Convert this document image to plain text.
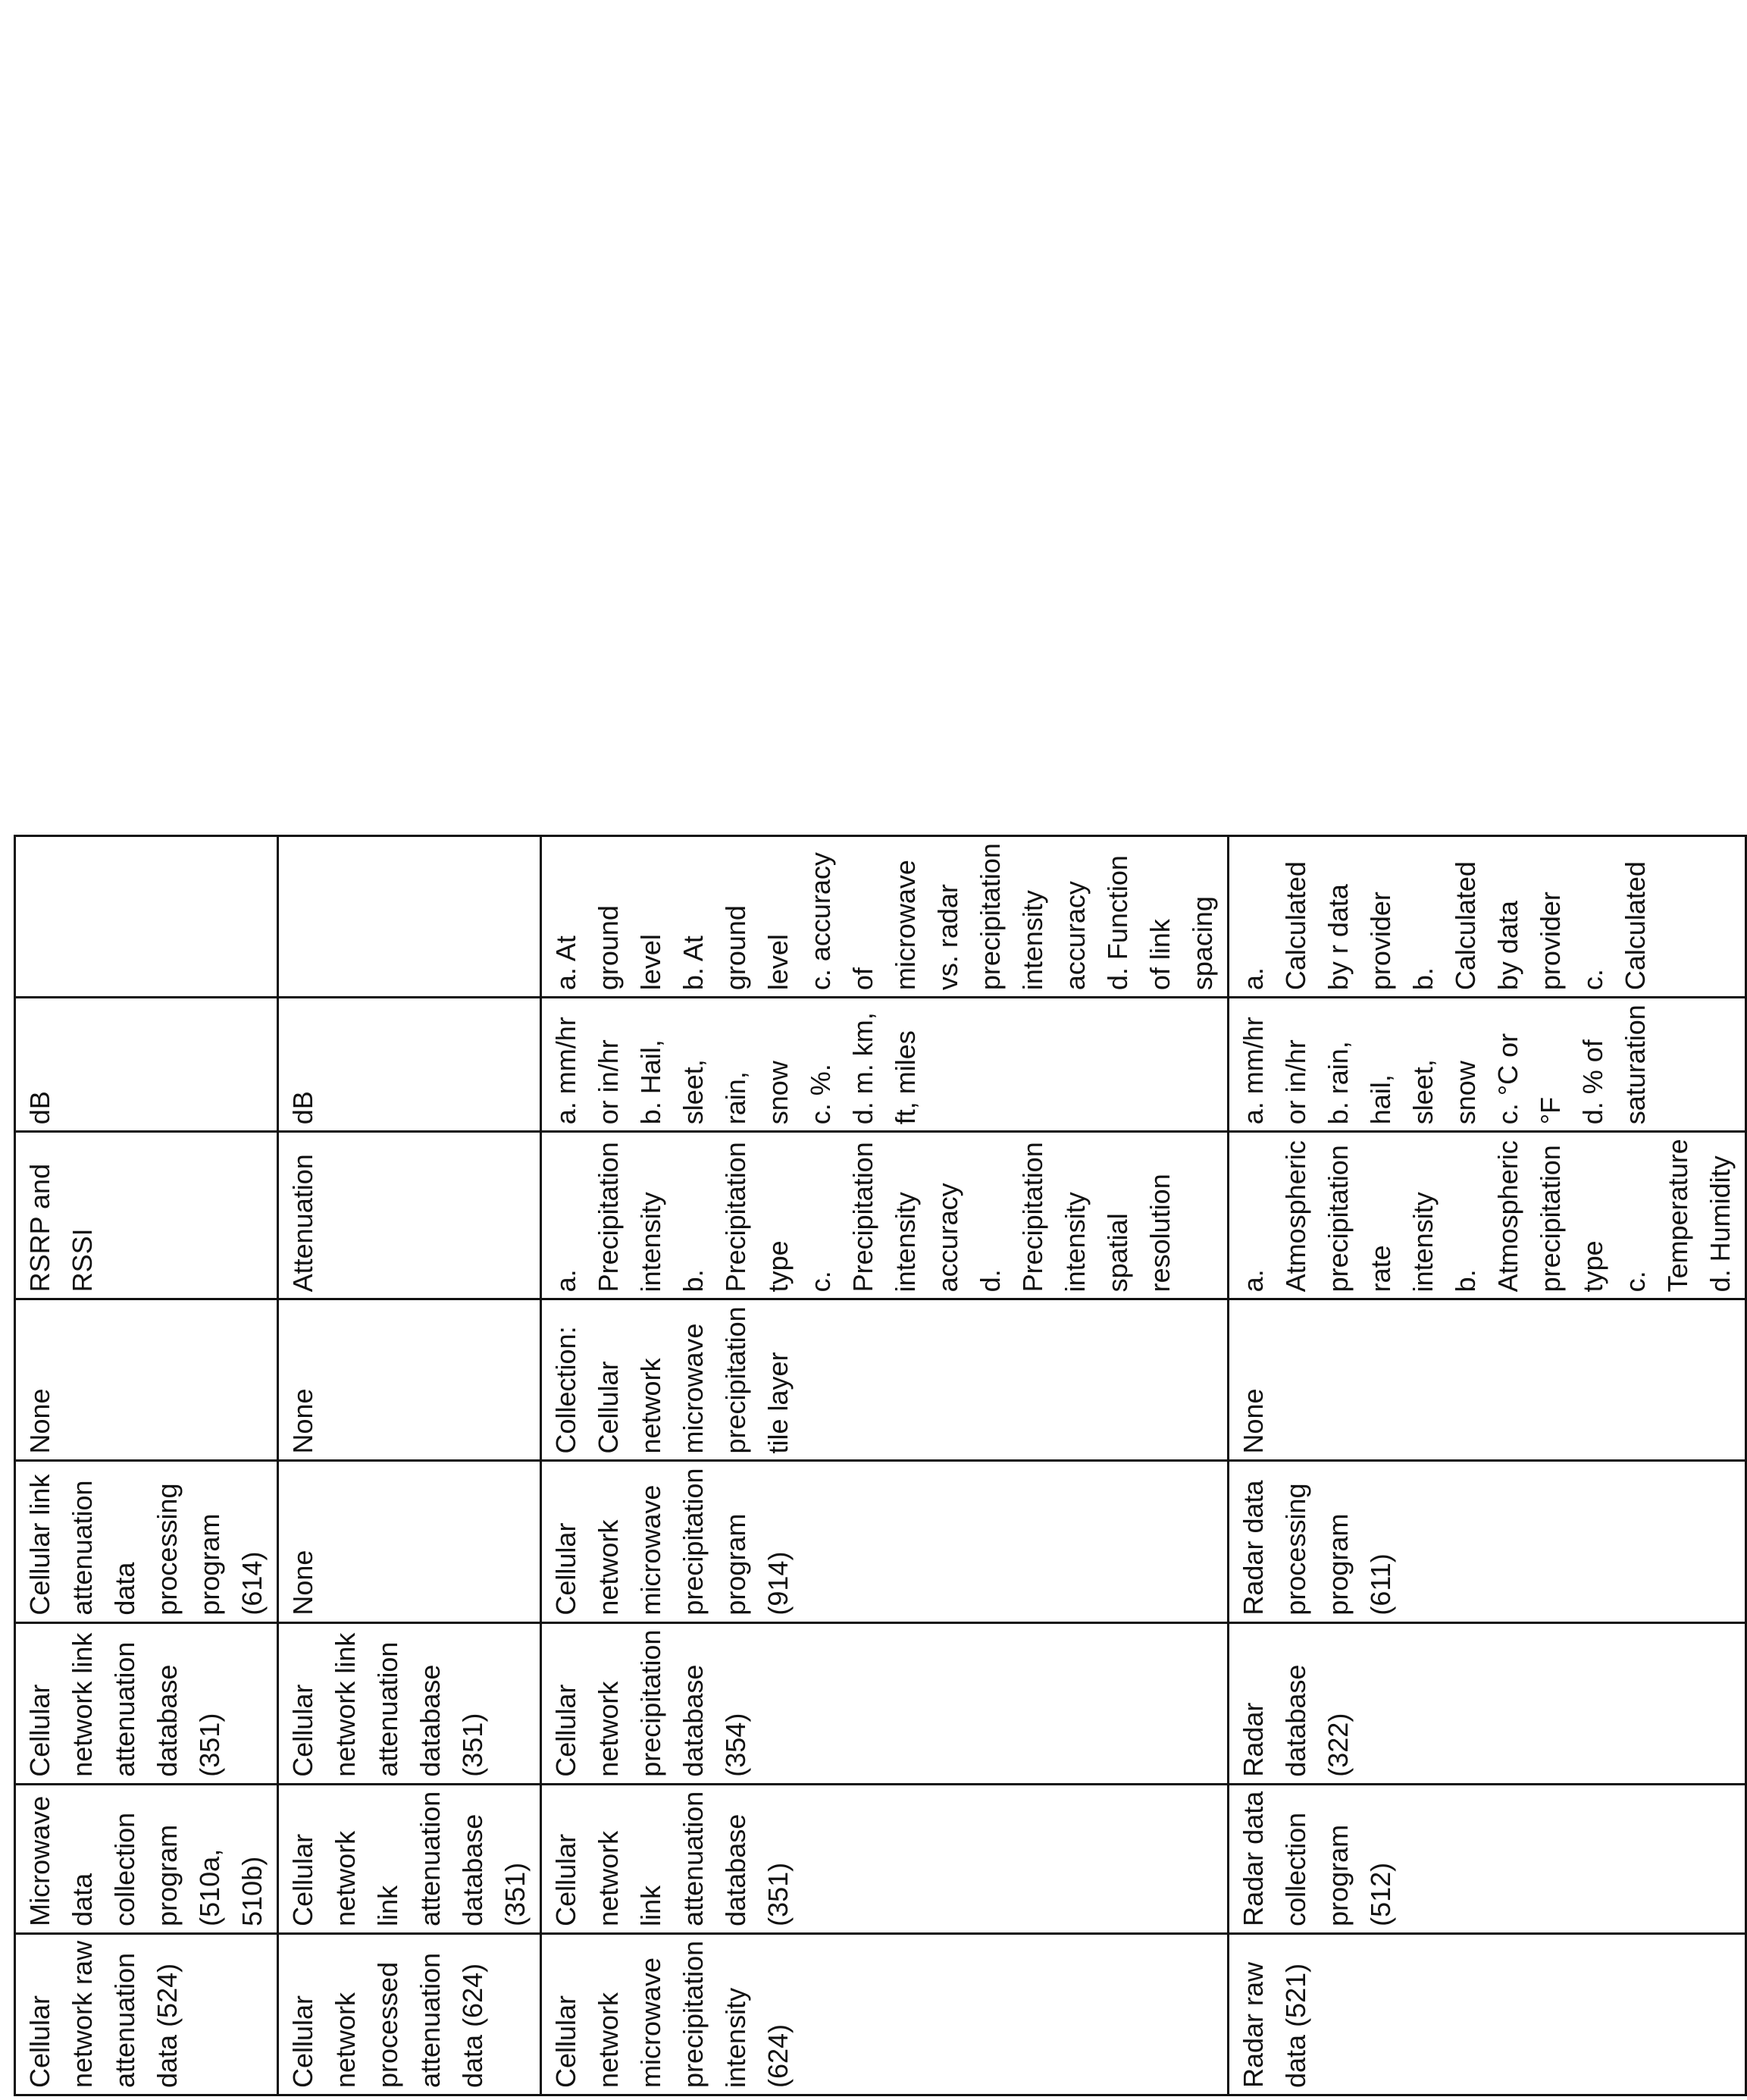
Cellular network raw attenuation data (524)	Microwave data collection program (510a, 510b)	Cellular network link attenuation database (351)	Cellular link attenuation data processing program (614)	None	RSRP and RSSI	dB	
Cellular network processed attenuation data (624)	Cellular network link attenuation database (351)	Cellular network link attenuation database (351)	None	None	Attenuation	dB	
Cellular network microwave precipitation intensity (624)	Cellular network link attenuation database (351)	Cellular network precipitation database (354)	Cellular network microwave precipitation program (914)	Collection: Cellular network microwave precipitation tile layer	a. Precipitation intensity
b. Precipitation type
c. Precipitation intensity accuracy
d. Precipitation intensity spatial resolution	a. mm/hr or in/hr
b. Hail, sleet, rain, snow
c. %.
d. m. km, ft, miles	a. At ground level
b. At ground level
c. accuracy of microwave vs. radar precipitation intensity accuracy
d. Function of link spacing
Radar raw data (521)	Radar data collection program (512)	Radar database (322)	Radar data processing program (611)	None	a. Atmospheric precipitation rate intensity
b. Atmospheric precipitation type
c. Temperature
d. Humidity	a. mm/hr or in/hr
b. rain, hail, sleet, snow
c. °C or °F
d. % of saturation	a. Calculated by r data provider
b. Calculated by data provider
c. Calculated
